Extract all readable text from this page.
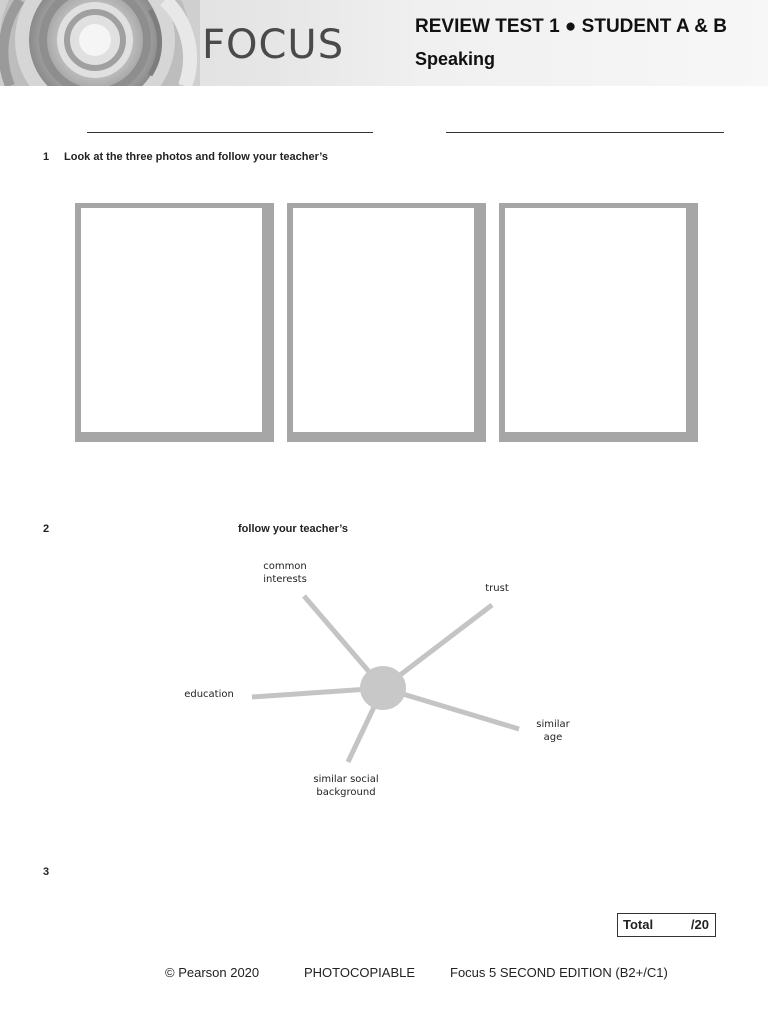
FOCUS	REVIEW TEST 1 ● STUDENT A & B
Speaking
1 Look at the three photos and follow your teacher’s
2	follow your teacher’s
common
interests
trust
education
similar
age
similar social
background
3
Total	/20
© Pearson 2020	PHOTOCOPIABLE	Focus 5 SECOND EDITION (B2+/C1)
